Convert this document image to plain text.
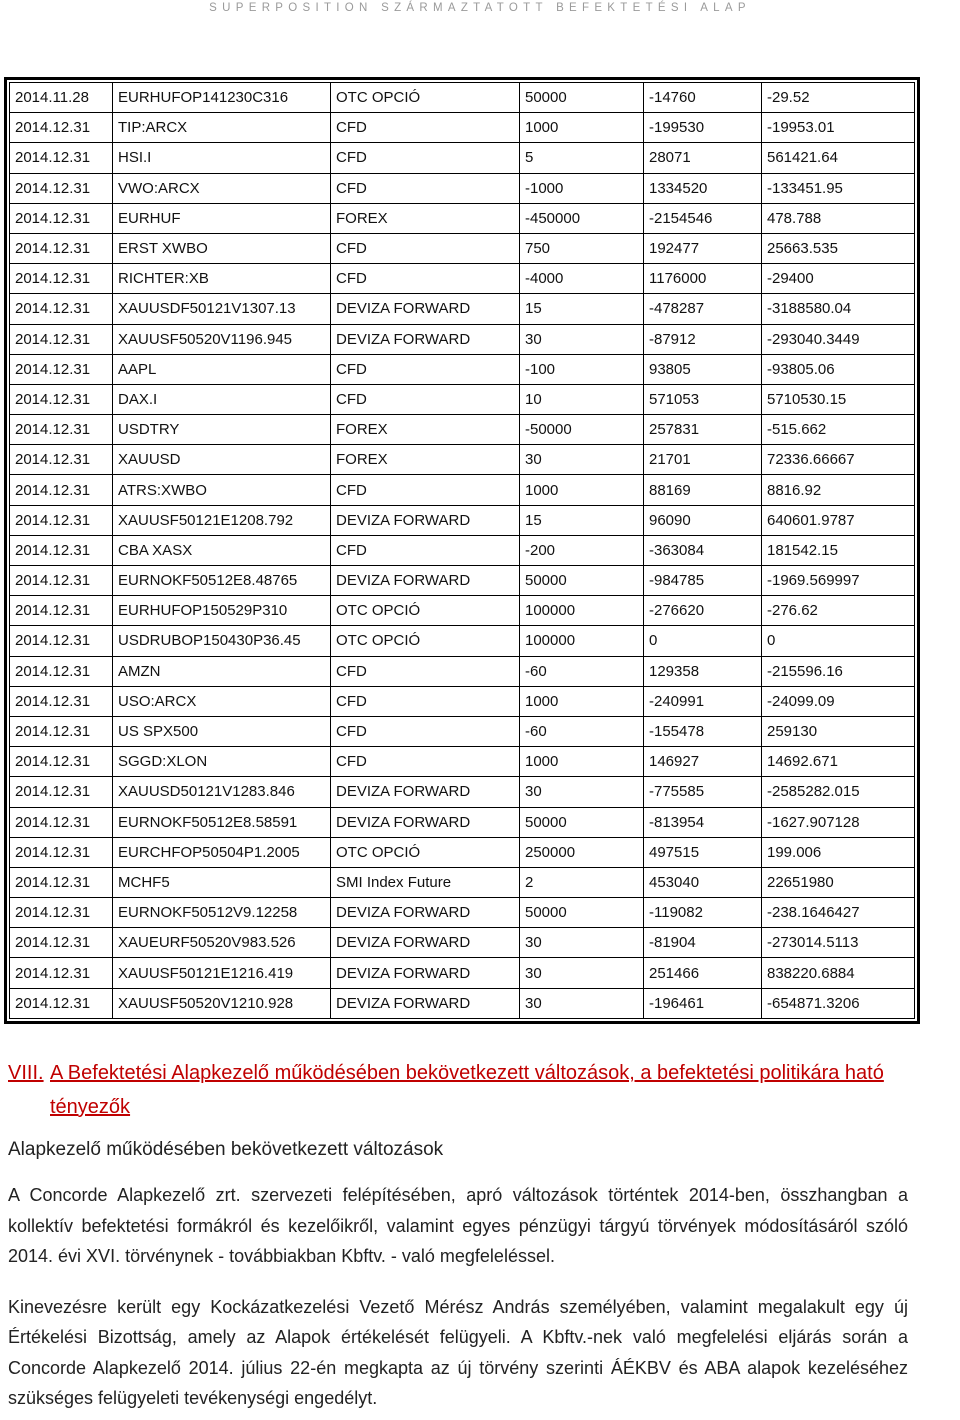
SUPERPOSITION SZÁRMAZTATOTT BEFEKTETÉSI ALAP
2014.11.28	EURHUFOP141230C316	OTC OPCIÓ	50000	-14760	-29.52
2014.12.31	TIP:ARCX	CFD	1000	-199530	-19953.01
2014.12.31	HSI.I	CFD	5	28071	561421.64
2014.12.31	VWO:ARCX	CFD	-1000	1334520	-133451.95
2014.12.31	EURHUF	FOREX	-450000	-2154546	478.788
2014.12.31	ERST XWBO	CFD	750	192477	25663.535
2014.12.31	RICHTER:XB	CFD	-4000	1176000	-29400
2014.12.31	XAUUSDF50121V1307.13	DEVIZA FORWARD	15	-478287	-3188580.04
2014.12.31	XAUUSF50520V1196.945	DEVIZA FORWARD	30	-87912	-293040.3449
2014.12.31	AAPL	CFD	-100	93805	-93805.06
2014.12.31	DAX.I	CFD	10	571053	5710530.15
2014.12.31	USDTRY	FOREX	-50000	257831	-515.662
2014.12.31	XAUUSD	FOREX	30	21701	72336.66667
2014.12.31	ATRS:XWBO	CFD	1000	88169	8816.92
2014.12.31	XAUUSF50121E1208.792	DEVIZA FORWARD	15	96090	640601.9787
2014.12.31	CBA XASX	CFD	-200	-363084	181542.15
2014.12.31	EURNOKF50512E8.48765	DEVIZA FORWARD	50000	-984785	-1969.569997
2014.12.31	EURHUFOP150529P310	OTC OPCIÓ	100000	-276620	-276.62
2014.12.31	USDRUBOP150430P36.45	OTC OPCIÓ	100000	0	0
2014.12.31	AMZN	CFD	-60	129358	-215596.16
2014.12.31	USO:ARCX	CFD	1000	-240991	-24099.09
2014.12.31	US SPX500	CFD	-60	-155478	259130
2014.12.31	SGGD:XLON	CFD	1000	146927	14692.671
2014.12.31	XAUUSD50121V1283.846	DEVIZA FORWARD	30	-775585	-2585282.015
2014.12.31	EURNOKF50512E8.58591	DEVIZA FORWARD	50000	-813954	-1627.907128
2014.12.31	EURCHFOP50504P1.2005	OTC OPCIÓ	250000	497515	199.006
2014.12.31	MCHF5	SMI Index Future	2	453040	22651980
2014.12.31	EURNOKF50512V9.12258	DEVIZA FORWARD	50000	-119082	-238.1646427
2014.12.31	XAUEURF50520V983.526	DEVIZA FORWARD	30	-81904	-273014.5113
2014.12.31	XAUUSF50121E1216.419	DEVIZA FORWARD	30	251466	838220.6884
2014.12.31	XAUUSF50520V1210.928	DEVIZA FORWARD	30	-196461	-654871.3206
VIII. A Befektetési Alapkezelő működésében bekövetkezett változások, a befektetési politikára ható tényezők
Alapkezelő működésében bekövetkezett változások

A Concorde Alapkezelő zrt. szervezeti felépítésében, apró változások történtek 2014-ben, összhangban a kollektív befektetési formákról és kezelőikről, valamint egyes pénzügyi tárgyú törvények módosításáról szóló 2014. évi XVI. törvénynek - továbbiakban Kbftv. - való megfeleléssel.

Kinevezésre került egy Kockázatkezelési Vezető Mérész András személyében, valamint megalakult egy új Értékelési Bizottság, amely az Alapok értékelését felügyeli. A Kbftv.-nek való megfelelési eljárás során a Concorde Alapkezelő 2014. július 22-én megkapta az új törvény szerinti ÁÉKBV és ABA alapok kezeléséhez szükséges felügyeleti tevékenységi engedélyt.
